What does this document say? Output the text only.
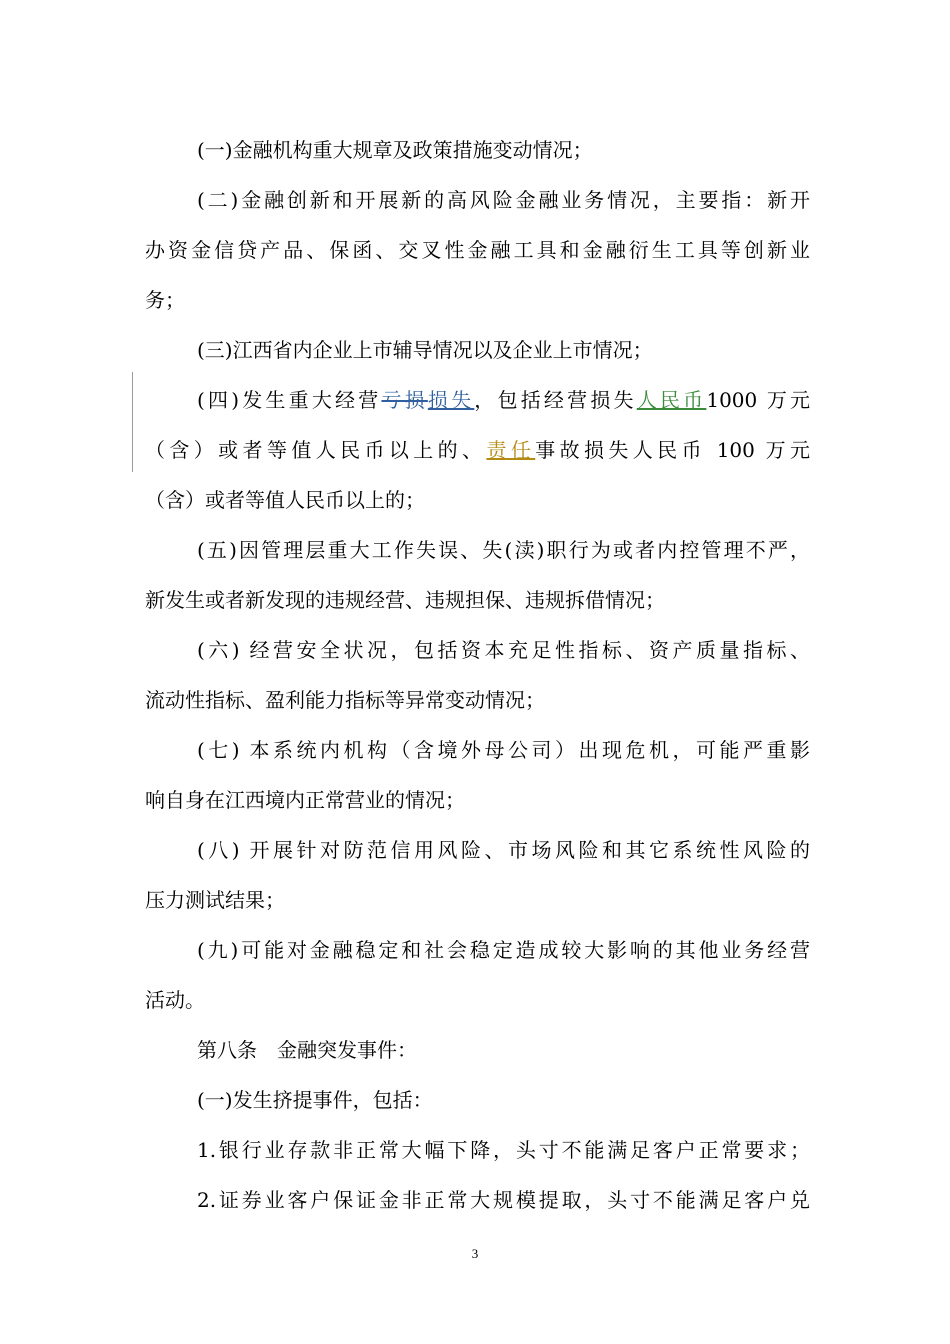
(一)金融机构重大规章及政策措施变动情况；
(二)金融创新和开展新的高风险金融业务情况，主要指：新开
办资金信贷产品、保函、交叉性金融工具和金融衍生工具等创新业
务；
(三)江西省内企业上市辅导情况以及企业上市情况；
(四)发生重大经营亏损损失，包括经营损失人民币1000 万元
（含）或者等值人民币以上的、责任事故损失人民币 100 万元
（含）或者等值人民币以上的；
(五)因管理层重大工作失误、失(渎)职行为或者内控管理不严，
新发生或者新发现的违规经营、违规担保、违规拆借情况；
(六) 经营安全状况，包括资本充足性指标、资产质量指标、
流动性指标、盈利能力指标等异常变动情况；
(七) 本系统内机构（含境外母公司）出现危机，可能严重影
响自身在江西境内正常营业的情况；
(八) 开展针对防范信用风险、市场风险和其它系统性风险的
压力测试结果；
(九)可能对金融稳定和社会稳定造成较大影响的其他业务经营
活动。
第八条　金融突发事件：
(一)发生挤提事件，包括：
1.银行业存款非正常大幅下降，头寸不能满足客户正常要求；
2.证券业客户保证金非正常大规模提取，头寸不能满足客户兑
3
